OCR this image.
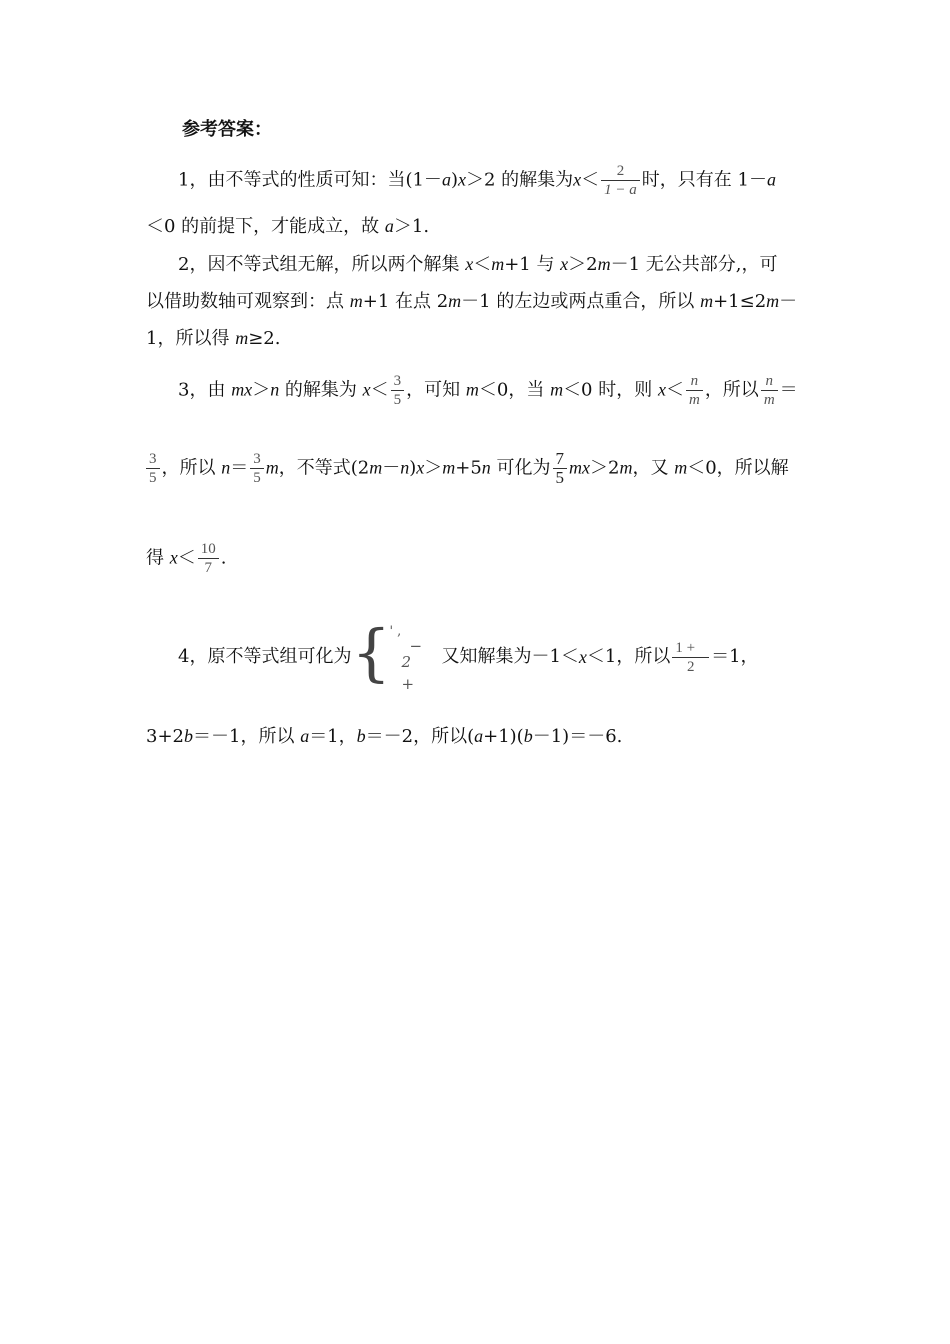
参考答案：
1，由不等式的性质可知：当(1－a)x＞2 的解集为$x< \frac{2}{1 - a}$ 时，只有在 1－a
＜0 的前提下，才能成立，故 a＞1.
2，因不等式组无解，所以两个解集 x＜m+1 与 x＞2m－1 无公共部分,，可
以借助数轴可观察到：点 m+1 在点 2m－1 的左边或两点重合，所以 m+1≤2m－
1，所以得 m≥2.
3，由 mx＞n 的解集为 $x< \frac{3}{5}$ ，可知 m＜0，当 m＜0 时，则 $x< \frac{n}{m}$ ，所以 $\frac{n}{m}$ ＝
$\frac{3}{5}$ ，所以 $n= \frac{3}{5}$ m，不等式(2m－n)x＞m+5n 可化为 $\frac{7}{5} mx>2m$，又 m＜0，所以解
得 $x< \frac{10}{7}$ .
4，原不等式组可化为 {
' ,
−
2
+
又知解集为－1＜x＜1，所以 $\frac{1 +}{2} =1$，
3+2b＝－1，所以 a＝1，b＝－2，所以(a+1)(b－1)＝－6.
